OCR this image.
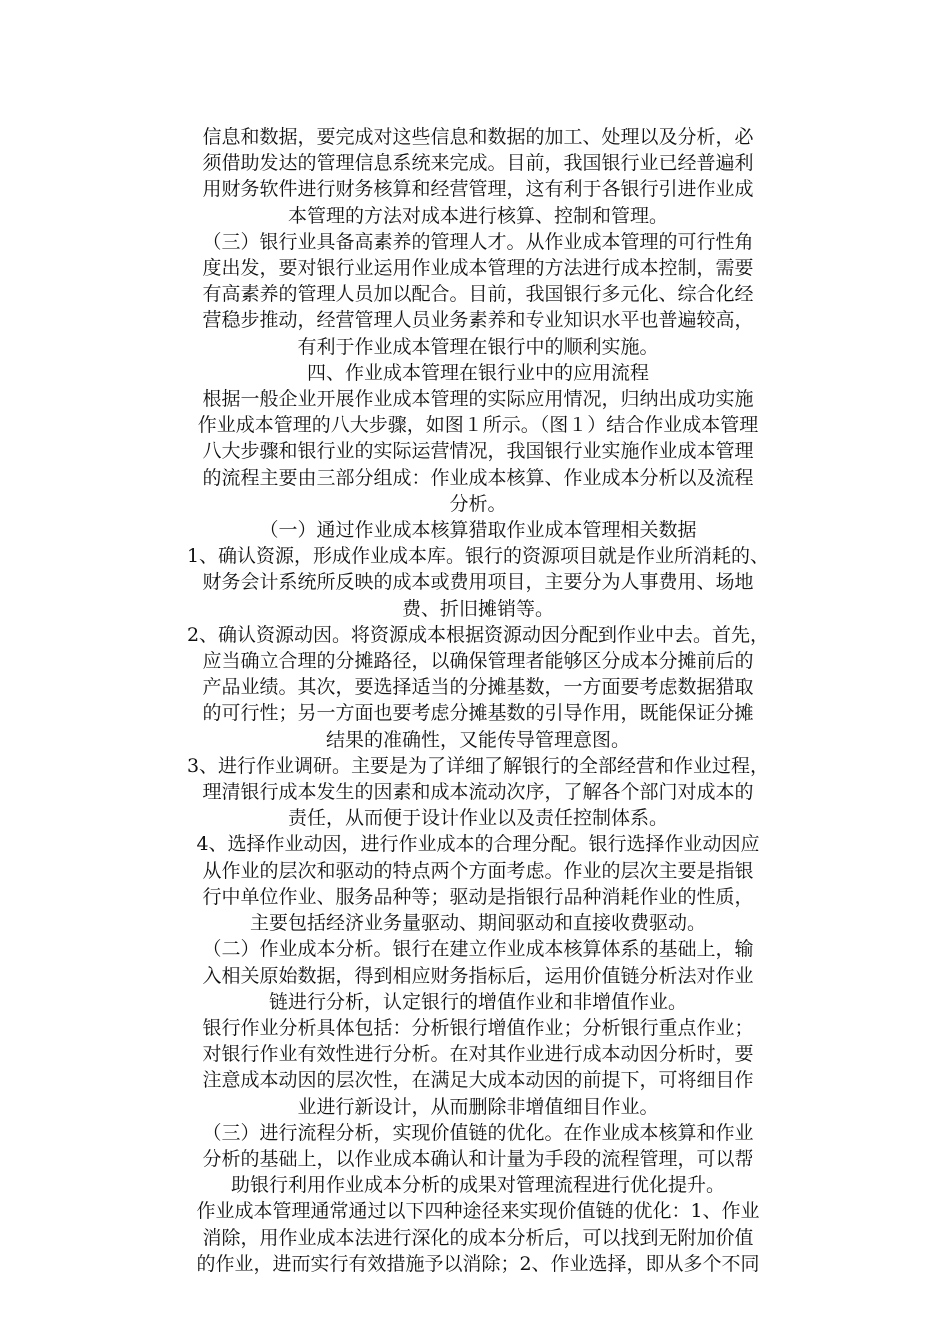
信息和数据，要完成对这些信息和数据的加工、处理以及分析，必

须借助发达的管理信息系统来完成。目前，我国银行业已经普遍利

用财务软件进行财务核算和经营管理，这有利于各银行引进作业成

本管理的方法对成本进行核算、控制和管理。

（三）银行业具备高素养的管理人才。从作业成本管理的可行性角

度出发，要对银行业运用作业成本管理的方法进行成本控制，需要

有高素养的管理人员加以配合。目前，我国银行多元化、综合化经

营稳步推动，经营管理人员业务素养和专业知识水平也普遍较高，

有利于作业成本管理在银行中的顺利实施。

四、作业成本管理在银行业中的应用流程

根据一般企业开展作业成本管理的实际应用情况，归纳出成功实施

作业成本管理的八大步骤，如图１所示。（图１）结合作业成本管理

八大步骤和银行业的实际运营情况，我国银行业实施作业成本管理

的流程主要由三部分组成：作业成本核算、作业成本分析以及流程

分析。

（一）通过作业成本核算猎取作业成本管理相关数据

1、确认资源，形成作业成本库。银行的资源项目就是作业所消耗的、

财务会计系统所反映的成本或费用项目，主要分为人事费用、场地

费、折旧摊销等。

2、确认资源动因。将资源成本根据资源动因分配到作业中去。首先，

应当确立合理的分摊路径，以确保管理者能够区分成本分摊前后的

产品业绩。其次，要选择适当的分摊基数，一方面要考虑数据猎取

的可行性；另一方面也要考虑分摊基数的引导作用，既能保证分摊

结果的准确性，又能传导管理意图。

3、进行作业调研。主要是为了详细了解银行的全部经营和作业过程，

理清银行成本发生的因素和成本流动次序，了解各个部门对成本的

责任，从而便于设计作业以及责任控制体系。

4、选择作业动因，进行作业成本的合理分配。银行选择作业动因应

从作业的层次和驱动的特点两个方面考虑。作业的层次主要是指银

行中单位作业、服务品种等；驱动是指银行品种消耗作业的性质，

主要包括经济业务量驱动、期间驱动和直接收费驱动。

（二）作业成本分析。银行在建立作业成本核算体系的基础上，输

入相关原始数据，得到相应财务指标后，运用价值链分析法对作业

链进行分析，认定银行的增值作业和非增值作业。

银行作业分析具体包括：分析银行增值作业；分析银行重点作业；

对银行作业有效性进行分析。在对其作业进行成本动因分析时，要

注意成本动因的层次性，在满足大成本动因的前提下，可将细目作

业进行新设计，从而删除非增值细目作业。

（三）进行流程分析，实现价值链的优化。在作业成本核算和作业

分析的基础上，以作业成本确认和计量为手段的流程管理，可以帮

助银行利用作业成本分析的成果对管理流程进行优化提升。

作业成本管理通常通过以下四种途径来实现价值链的优化：1、作业

消除，用作业成本法进行深化的成本分析后，可以找到无附加价值

的作业，进而实行有效措施予以消除；2、作业选择，即从多个不同
